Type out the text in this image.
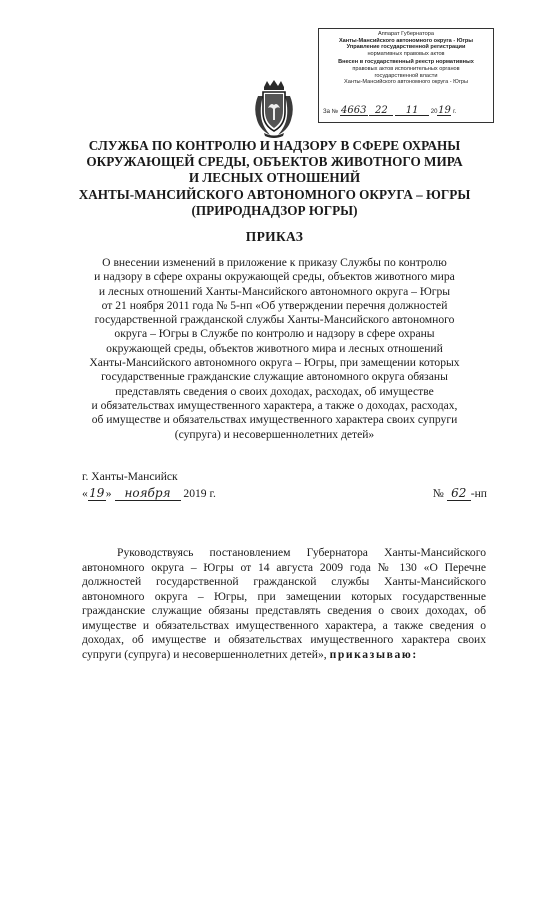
Аппарат Губернатора
Ханты-Мансийского автономного округа - Югры
Управление государственной регистрации
нормативных правовых актов
Внесен в государственный реестр нормативных
правовых актов исполнительных органов
государственной власти
Ханты-Мансийского автономного округа - Югры
За № 4663 22 11 2019 г.
СЛУЖБА ПО КОНТРОЛЮ И НАДЗОРУ В СФЕРЕ ОХРАНЫ
ОКРУЖАЮЩЕЙ СРЕДЫ, ОБЪЕКТОВ ЖИВОТНОГО МИРА
И ЛЕСНЫХ ОТНОШЕНИЙ
ХАНТЫ-МАНСИЙСКОГО АВТОНОМНОГО ОКРУГА – ЮГРЫ
(ПРИРОДНАДЗОР ЮГРЫ)
ПРИКАЗ
О внесении изменений в приложение к приказу Службы по контролю
и надзору в сфере охраны окружающей среды, объектов животного мира
и лесных отношений Ханты-Мансийского автономного округа – Югры
от 21 ноября 2011 года № 5-нп «Об утверждении перечня должностей
государственной гражданской службы Ханты-Мансийского автономного
округа – Югры в Службе по контролю и надзору в сфере охраны
окружающей среды, объектов животного мира и лесных отношений
Ханты-Мансийского автономного округа – Югры, при замещении которых
государственные гражданские служащие автономного округа обязаны
представлять сведения о своих доходах, расходах, об имуществе
и обязательствах имущественного характера, а также о доходах, расходах,
об имуществе и обязательствах имущественного характера своих супруги
(супруга) и несовершеннолетних детей»
г. Ханты-Мансийск
«19» ноября 2019 г.	№ 62 -нп
Руководствуясь постановлением Губернатора Ханты-Мансийского автономного округа – Югры от 14 августа 2009 года № 130 «О Перечне должностей государственной гражданской службы Ханты-Мансийского автономного округа – Югры, при замещении которых государственные гражданские служащие обязаны представлять сведения о своих доходах, об имуществе и обязательствах имущественного характера, а также сведения о доходах, об имуществе и обязательствах имущественного характера своих супруги (супруга) и несовершеннолетних детей», приказываю:
